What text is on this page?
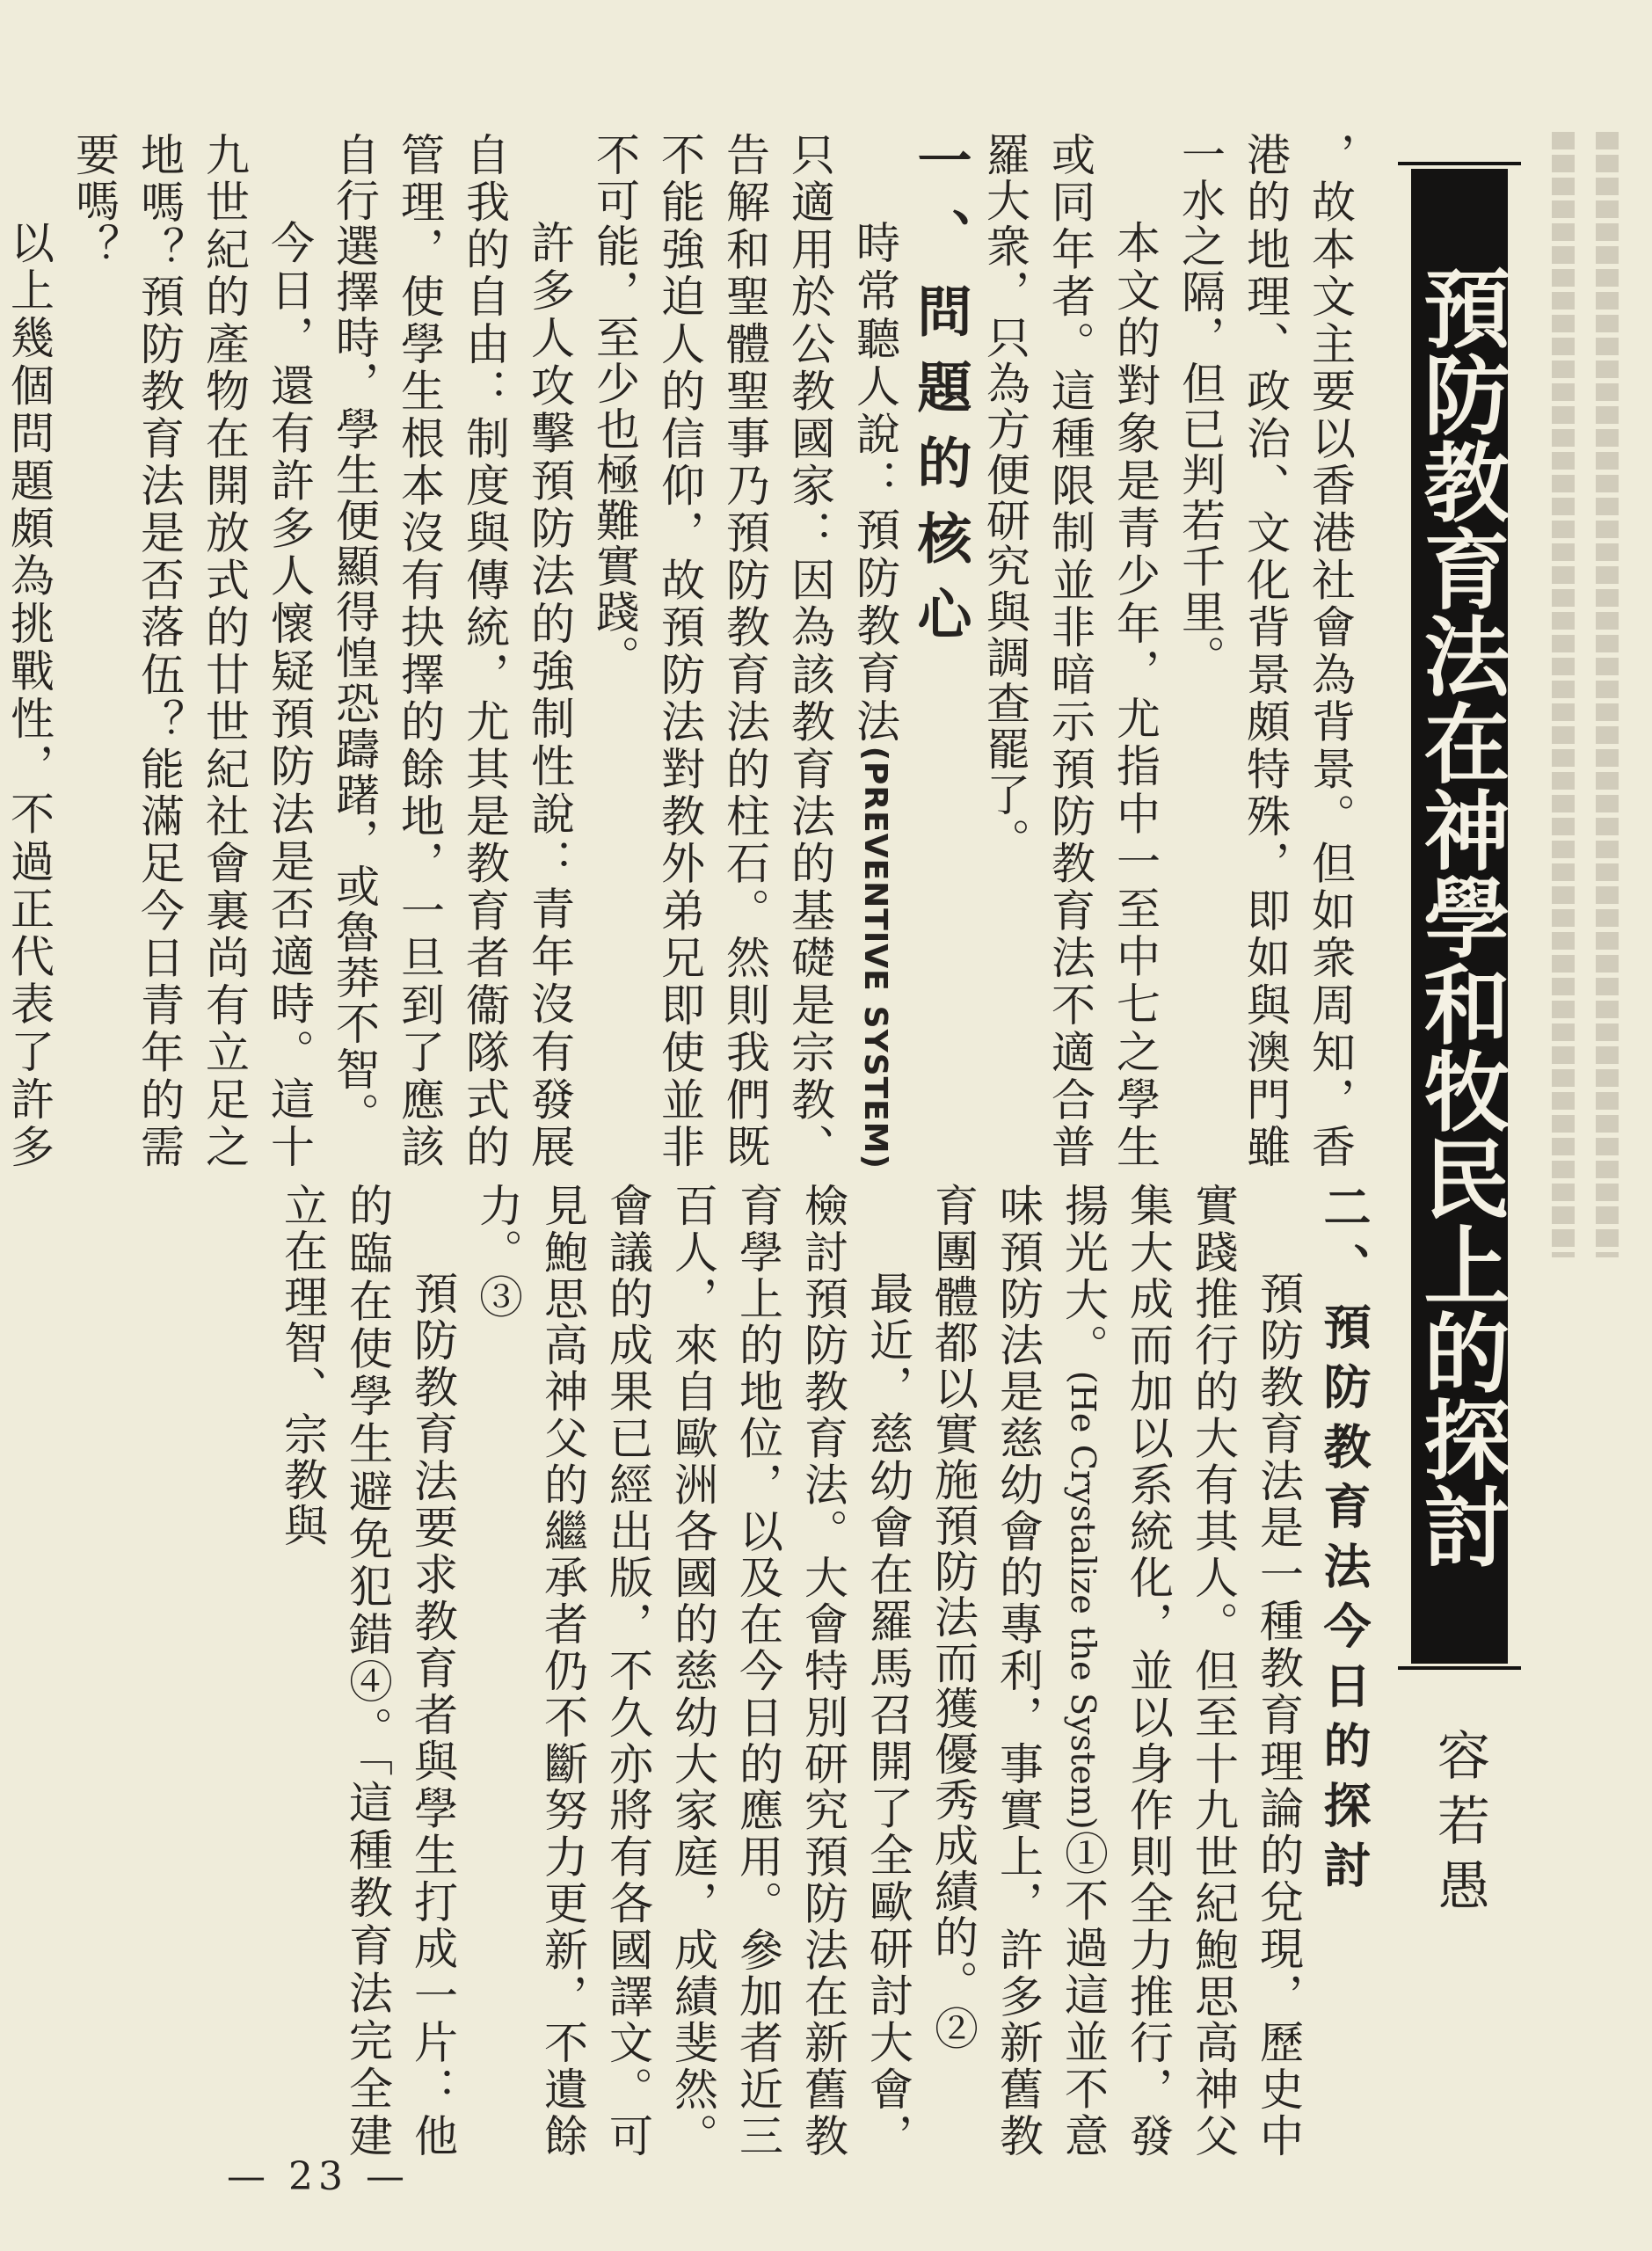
預防教育法在神學和牧民上的探討
容若愚

，故本文主要以香港社會為背景。但如衆周知，香港的地理、政治、文化背景頗特殊，即如與澳門雖一水之隔，但已判若千里。

本文的對象是青少年，尤指中一至中七之學生或同年者。這種限制並非暗示預防教育法不適合普羅大衆，只為方便研究與調查罷了。

一、問題的核心

時常聽人說：預防教育法(PREVENTIVE SYSTEM)只適用於公教國家：因為該教育法的基礎是宗教、告解和聖體聖事乃預防教育法的柱石。然則我們既不能強迫人的信仰，故預防法對教外弟兄即使並非不可能，至少也極難實踐。

許多人攻擊預防法的強制性說：青年沒有發展自我的自由：制度與傳統，尤其是教育者衞隊式的管理，使學生根本沒有抉擇的餘地，一旦到了應該自行選擇時，學生便顯得惶恐躊躇，或魯莽不智。

今日，還有許多人懷疑預防法是否適時。這十九世紀的產物在開放式的廿世紀社會裏尚有立足之地嗎？預防教育法是否落伍？能滿足今日青年的需要嗎？

以上幾個問題頗為挑戰性，不過正代表了許多

二、預防教育法今日的探討

預防教育法是一種教育理論的兌現，歷史中實踐推行的大有其人。但至十九世紀鮑思高神父集大成而加以系統化，並以身作則全力推行，發揚光大。(He Crystalize the System)①不過這並不意味預防法是慈幼會的專利，事實上，許多新舊教育團體都以實施預防法而獲優秀成績的。②

最近，慈幼會在羅馬召開了全歐研討大會，檢討預防教育法。大會特別研究預防法在新舊教育學上的地位，以及在今日的應用。參加者近三百人，來自歐洲各國的慈幼大家庭，成績斐然。會議的成果已經出版，不久亦將有各國譯文。可見鮑思高神父的繼承者仍不斷努力更新，不遺餘力。③

預防教育法要求教育者與學生打成一片：他的臨在使學生避免犯錯④。「這種教育法完全建立在理智、宗教與

— 23 —
